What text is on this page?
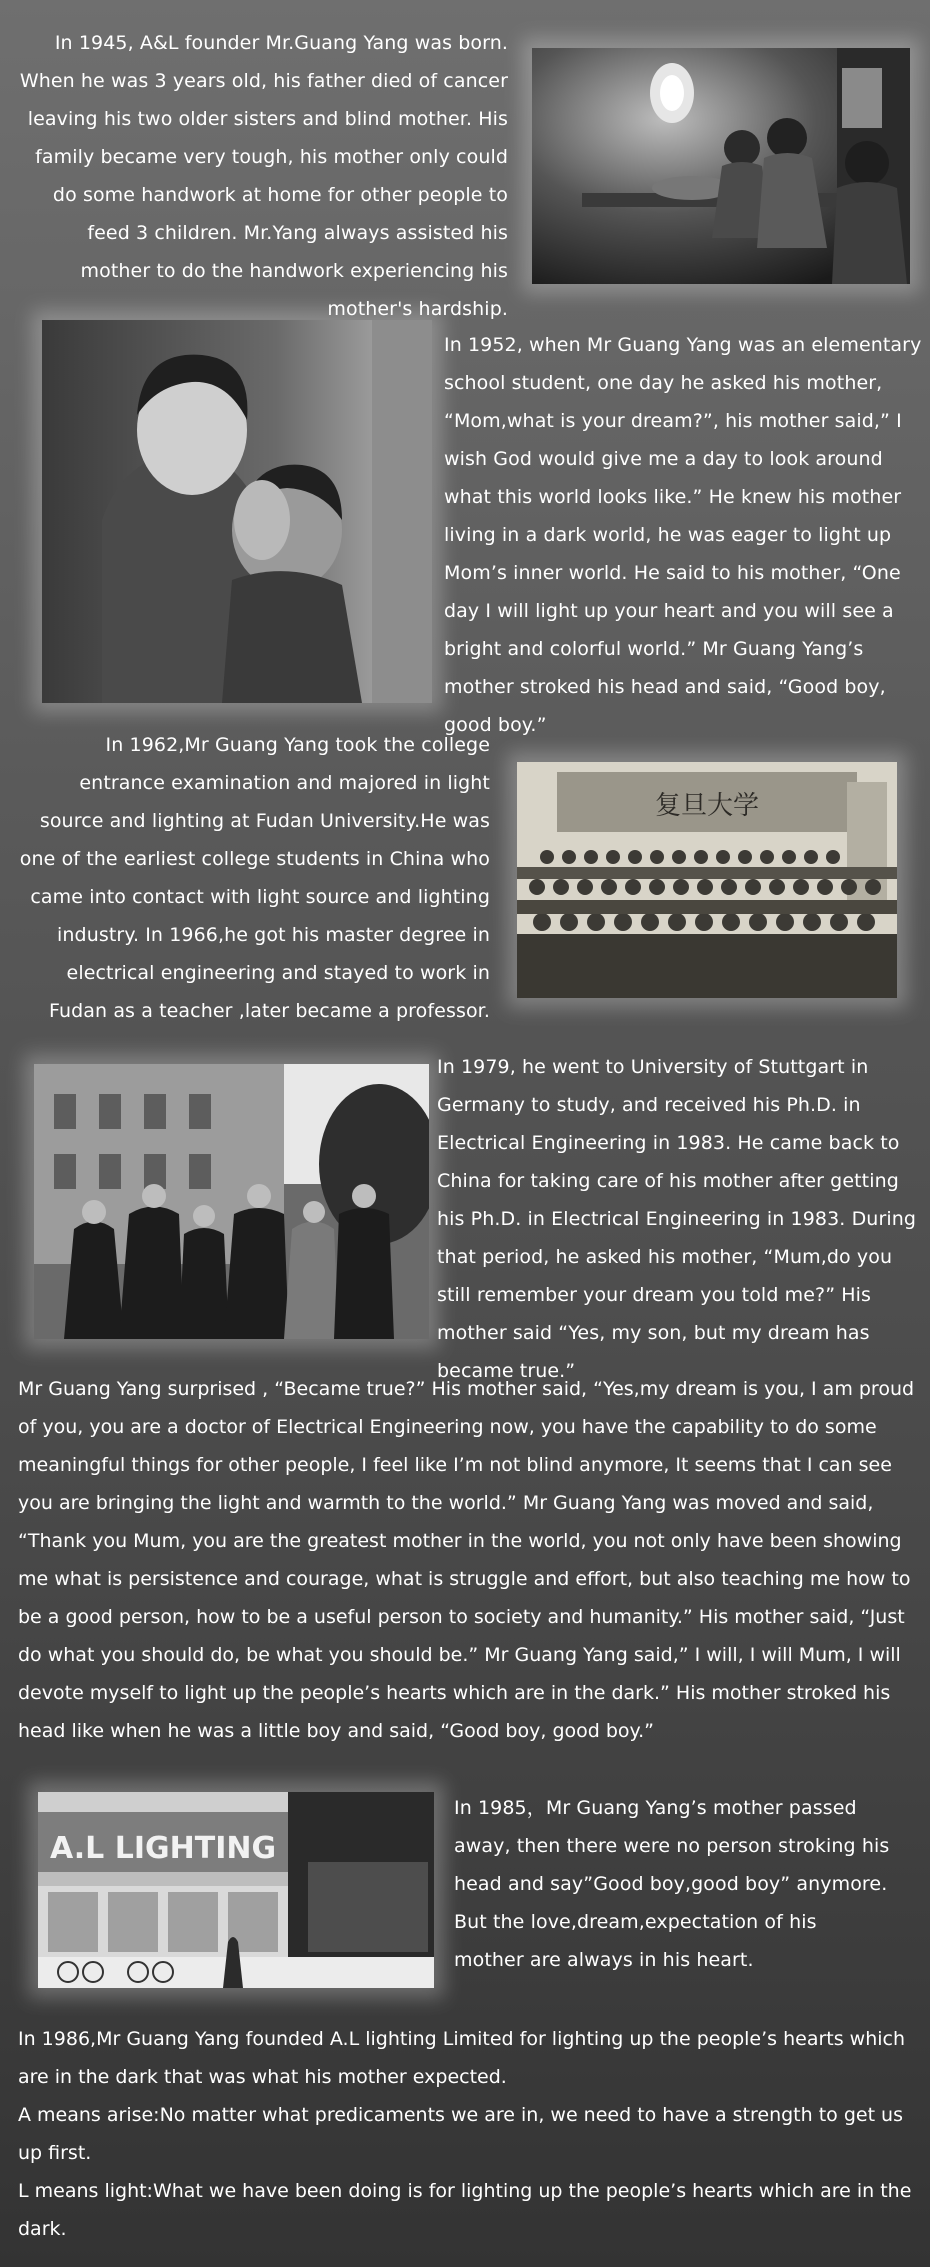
In 1945, A&L founder Mr.Guang Yang was born. When he was 3 years old, his father died of cancer leaving his two older sisters and blind mother. His family became very tough, his mother only could do some handwork at home for other people to feed 3 children. Mr.Yang always assisted his mother to do the handwork experiencing his mother's hardship.
In 1952, when Mr Guang Yang was an elementary school student, one day he asked his mother, “Mom,what is your dream?”, his mother said,” I wish God would give me a day to look around what this world looks like.” He knew his mother living in a dark world, he was eager to light up Mom’s inner world. He said to his mother, “One day I will light up your heart and you will see a bright and colorful world.” Mr Guang Yang’s mother stroked his head and said, “Good boy, good boy.”
In 1962,Mr Guang Yang took the college entrance examination and majored in light source and lighting at Fudan University.He was one of the earliest college students in China who came into contact with light source and lighting industry. In 1966,he got his master degree in electrical engineering and stayed to work in Fudan as a teacher ,later became a professor.
复旦大学
In 1979, he went to University of Stuttgart in Germany to study, and received his Ph.D. in Electrical Engineering in 1983. He came back to China for taking care of his mother after getting his Ph.D. in Electrical Engineering in 1983. During that period, he asked his mother, “Mum,do you still remember your dream you told me?” His mother said “Yes, my son, but my dream has became true.”
Mr Guang Yang surprised , “Became true?” His mother said, “Yes,my dream is you, I am proud of you, you are a doctor of Electrical Engineering now, you have the capability to do some meaningful things for other people, I feel like I’m not blind anymore, It seems that I can see you are bringing the light and warmth to the world.” Mr Guang Yang was moved and said, “Thank you Mum, you are the greatest mother in the world, you not only have been showing me what is persistence and courage, what is struggle and effort, but also teaching me how to be a good person, how to be a useful person to society and humanity.” His mother said, “Just do what you should do, be what you should be.” Mr Guang Yang said,” I will, I will Mum, I will devote myself to light up the people’s hearts which are in the dark.” His mother stroked his head like when he was a little boy and said, “Good boy, good boy.”
A.L LIGHTING
In 1985，Mr Guang Yang’s mother passed away, then there were no person stroking his head and say”Good boy,good boy” anymore.
But the love,dream,expectation of his mother are always in his heart.
In 1986,Mr Guang Yang founded A.L lighting Limited for lighting up the people’s hearts which are in the dark that was what his mother expected.
A means arise:No matter what predicaments we are in, we need to have a strength to get us up first.
L means light:What we have been doing is for lighting up the people’s hearts which are in the dark.
